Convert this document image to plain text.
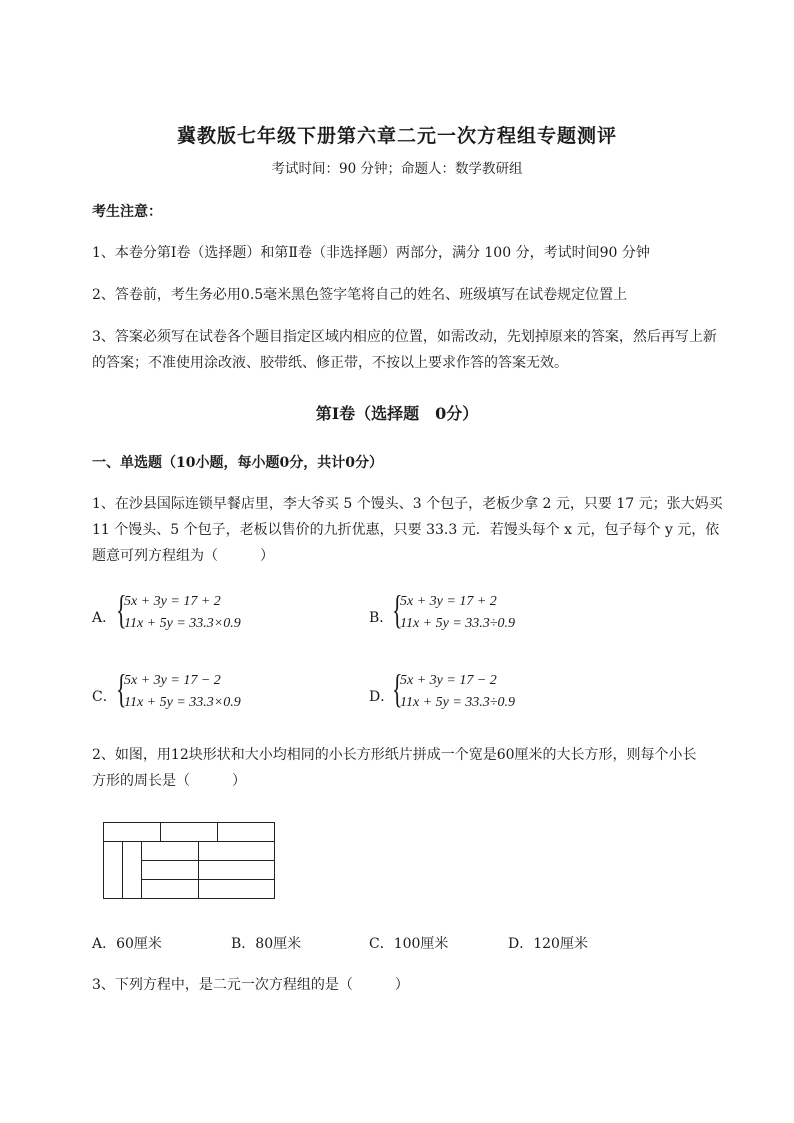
冀教版七年级下册第六章二元一次方程组专题测评
考试时间：90 分钟；命题人：数学教研组
考生注意：
1、本卷分第Ⅰ卷（选择题）和第Ⅱ卷（非选择题）两部分，满分 100 分，考试时间90 分钟
2、答卷前，考生务必用0.5毫米黑色签字笔将自己的姓名、班级填写在试卷规定位置上
3、答案必须写在试卷各个题目指定区域内相应的位置，如需改动，先划掉原来的答案，然后再写上新
的答案；不准使用涂改液、胶带纸、修正带，不按以上要求作答的答案无效。
第Ⅰ卷（选择题　0分）
一、单选题（10小题，每小题0分，共计0分）
1、在沙县国际连锁早餐店里，李大爷买 5 个馒头、3 个包子，老板少拿 2 元，只要 17 元；张大妈买
11 个馒头、5 个包子，老板以售价的九折优惠，只要 33.3 元．若馒头每个 x 元，包子每个 y 元，依
题意可列方程组为（　　　）
A． {
5x + 3y = 17 + 2
11x + 5y = 33.3×0.9	B．
{
5x + 3y = 17 + 2
11x + 5y = 33.3÷0.9
C． {
5x + 3y = 17 − 2
11x + 5y = 33.3×0.9	D．
{
5x + 3y = 17 − 2
11x + 5y = 33.3÷0.9
2、如图，用12块形状和大小均相同的小长方形纸片拼成一个宽是60厘米的大长方形，则每个小长
方形的周长是（　　　）
A．60厘米	B．80厘米	C．100厘米	D．120厘米
3、下列方程中，是二元一次方程组的是（　　　）
